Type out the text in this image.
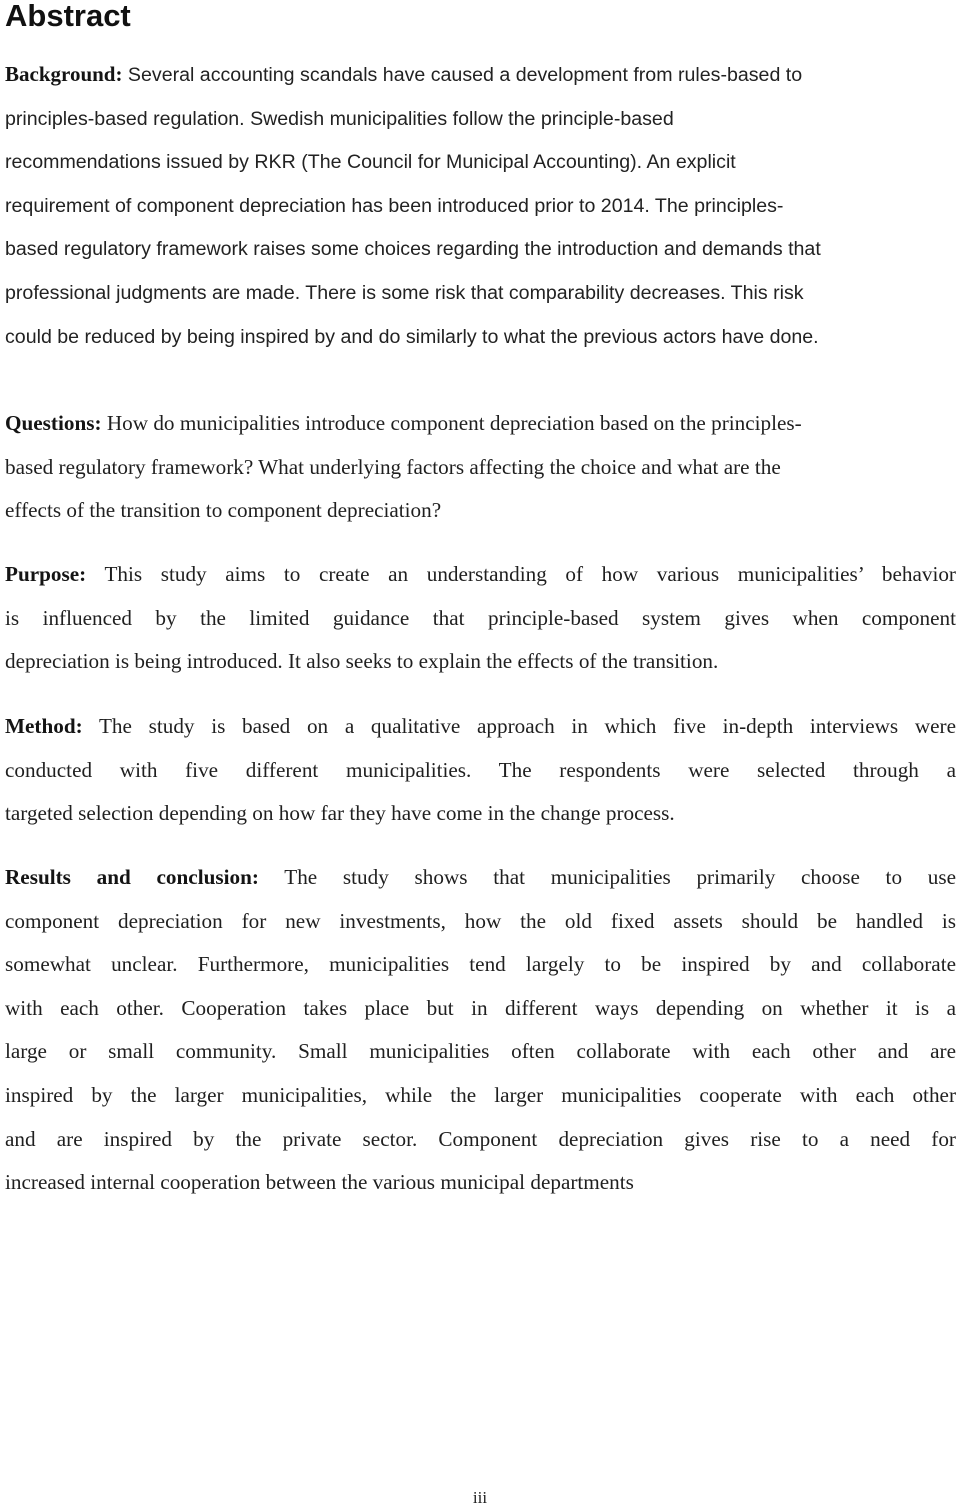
Abstract
Background: Several accounting scandals have caused a development from rules-based to
principles-based regulation. Swedish municipalities follow the principle-based
recommendations issued by RKR (The Council for Municipal Accounting). An explicit
requirement of component depreciation has been introduced prior to 2014. The principles-
based regulatory framework raises some choices regarding the introduction and demands that
professional judgments are made. There is some risk that comparability decreases. This risk
could be reduced by being inspired by and do similarly to what the previous actors have done.
Questions: How do municipalities introduce component depreciation based on the principles-
based regulatory framework? What underlying factors affecting the choice and what are the
effects of the transition to component depreciation?
Purpose: This study aims to create an understanding of how various municipalities’ behavior
is influenced by the limited guidance that principle-based system gives when component
depreciation is being introduced. It also seeks to explain the effects of the transition.
Method: The study is based on a qualitative approach in which five in-depth interviews were
conducted with five different municipalities. The respondents were selected through a
targeted selection depending on how far they have come in the change process.
Results and conclusion: The study shows that municipalities primarily choose to use
component depreciation for new investments, how the old fixed assets should be handled is
somewhat unclear. Furthermore, municipalities tend largely to be inspired by and collaborate
with each other. Cooperation takes place but in different ways depending on whether it is a
large or small community. Small municipalities often collaborate with each other and are
inspired by the larger municipalities, while the larger municipalities cooperate with each other
and are inspired by the private sector. Component depreciation gives rise to a need for
increased internal cooperation between the various municipal departments
iii
